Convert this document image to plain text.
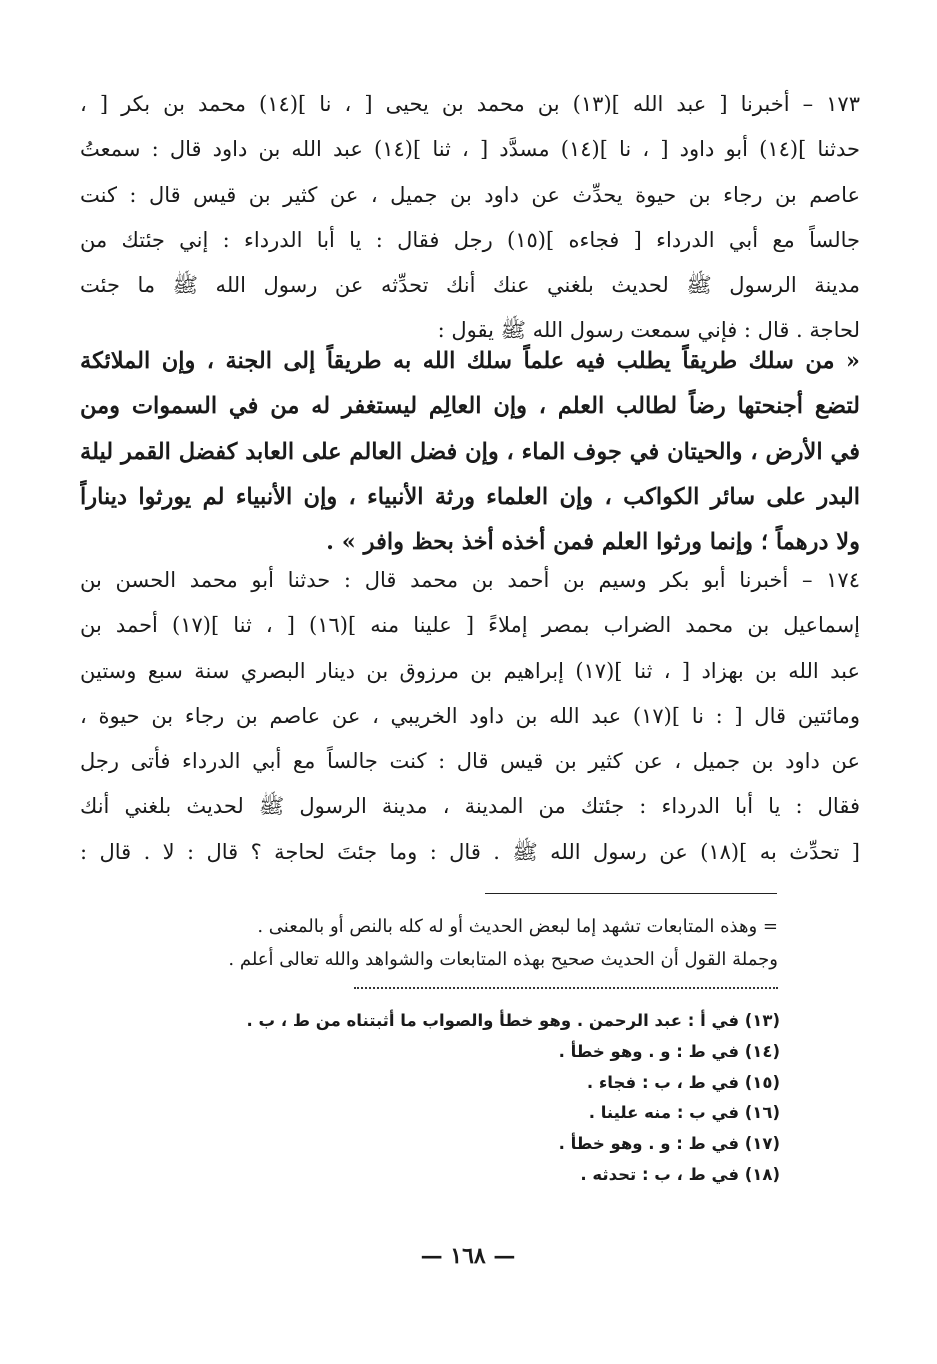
١٧٣ – أخبرنا [ عبد الله ](١٣) بن محمد بن يحيى [ ، نا ](١٤) محمد بن بكر [ ،
حدثنا ](١٤) أبو داود [ ، نا ](١٤) مسدَّد [ ، ثنا ](١٤) عبد الله بن داود قال : سمعتُ
عاصم بن رجاء بن حيوة يحدِّث عن داود بن جميل ، عن كثير بن قيس قال : كنت
جالساً مع أبي الدرداء [ فجاءه ](١٥) رجل فقال : يا أبا الدرداء : إني جئتك من
مدينة الرسول ﷺ لحديث بلغني عنك أنك تحدِّثه عن رسول الله ﷺ ما جئت
لحاجة . قال : فإني سمعت رسول الله ﷺ يقول :
« من سلك طريقاً يطلب فيه علماً سلك الله به طريقاً إلى الجنة ، وإن الملائكة
لتضع أجنحتها رضاً لطالب العلم ، وإن العالِم ليستغفر له من في السموات ومن
في الأرض ، والحيتان في جوف الماء ، وإن فضل العالم على العابد كفضل القمر ليلة
البدر على سائر الكواكب ، وإن العلماء ورثة الأنبياء ، وإن الأنبياء لم يورثوا ديناراً
ولا درهماً ؛ وإنما ورثوا العلم فمن أخذه أخذ بحظ وافر » .
١٧٤ – أخبرنا أبو بكر وسيم بن أحمد بن محمد قال : حدثنا أبو محمد الحسن بن
إسماعيل بن محمد الضراب بمصر إملاءً [ علينا منه ](١٦) [ ، ثنا ](١٧) أحمد بن
عبد الله بن بهزاد [ ، ثنا ](١٧) إبراهيم بن مرزوق بن دينار البصري سنة سبع وستين
ومائتين قال [ : نا ](١٧) عبد الله بن داود الخريبي ، عن عاصم بن رجاء بن حيوة ،
عن داود بن جميل ، عن كثير بن قيس قال : كنت جالساً مع أبي الدرداء فأتى رجل
فقال : يا أبا الدرداء : جئتك من المدينة ، مدينة الرسول ﷺ لحديث بلغني أنك
[ تحدِّث به ](١٨) عن رسول الله ﷺ . قال : وما جئتَ لحاجة ؟ قال : لا . قال :
= وهذه المتابعات تشهد إما لبعض الحديث أو له كله بالنص أو بالمعنى .
وجملة القول أن الحديث صحيح بهذه المتابعات والشواهد والله تعالى أعلم .
(١٣) في أ : عبد الرحمن . وهو خطأ والصواب ما أثبتناه من ط ، ب .
(١٤) في ط : و . وهو خطأ .
(١٥) في ط ، ب : فجاء .
(١٦) في ب : منه علينا .
(١٧) في ط : و . وهو خطأ .
(١٨) في ط ، ب : تحدثه .
— ١٦٨ —
